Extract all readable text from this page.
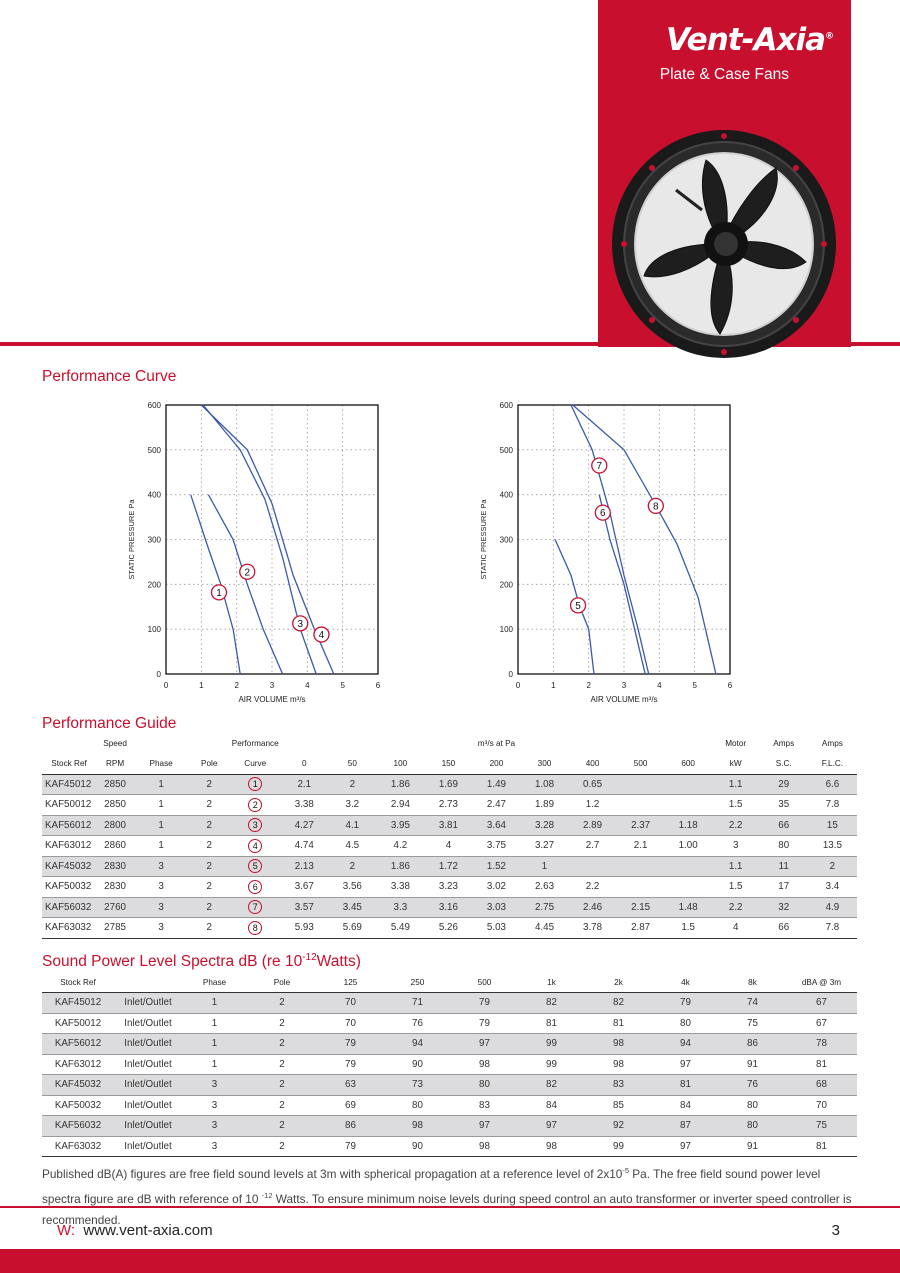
Vent-Axia®
Plate & Case Fans
Performance Curve
0	1	2	3	4	5	6
0
100
200
300
400
500
600
AIR VOLUME m³/s
STATIC PRESSURE Pa
1
2
3
4
0	1	2	3	4	5	6
0
100
200
300
400
500
600
AIR VOLUME m³/s
STATIC PRESSURE Pa
5
6
7
8
Performance Guide
	Speed			Performance					m³/s at Pa					Motor	Amps	Amps
Stock Ref	RPM	Phase	Pole	Curve	0	50	100	150	200	300	400	500	600	kW	S.C.	F.L.C.
KAF45012	2850	1	2	1	2.1	2	1.86	1.69	1.49	1.08	0.65			1.1	29	6.6
KAF50012	2850	1	2	2	3.38	3.2	2.94	2.73	2.47	1.89	1.2			1.5	35	7.8
KAF56012	2800	1	2	3	4.27	4.1	3.95	3.81	3.64	3.28	2.89	2.37	1.18	2.2	66	15
KAF63012	2860	1	2	4	4.74	4.5	4.2	4	3.75	3.27	2.7	2.1	1.00	3	80	13.5
KAF45032	2830	3	2	5	2.13	2	1.86	1.72	1.52	1				1.1	11	2
KAF50032	2830	3	2	6	3.67	3.56	3.38	3.23	3.02	2.63	2.2			1.5	17	3.4
KAF56032	2760	3	2	7	3.57	3.45	3.3	3.16	3.03	2.75	2.46	2.15	1.48	2.2	32	4.9
KAF63032	2785	3	2	8	5.93	5.69	5.49	5.26	5.03	4.45	3.78	2.87	1.5	4	66	7.8
Sound Power Level Spectra dB (re $10^{-12}Watts$)
Stock Ref		Phase	Pole	125	250	500	1k	2k	4k	8k	dBA @ 3m
KAF45012	Inlet/Outlet	1	2	70	71	79	82	82	79	74	67
KAF50012	Inlet/Outlet	1	2	70	76	79	81	81	80	75	67
KAF56012	Inlet/Outlet	1	2	79	94	97	99	98	94	86	78
KAF63012	Inlet/Outlet	1	2	79	90	98	99	98	97	91	81
KAF45032	Inlet/Outlet	3	2	63	73	80	82	83	81	76	68
KAF50032	Inlet/Outlet	3	2	69	80	83	84	85	84	80	70
KAF56032	Inlet/Outlet	3	2	86	98	97	97	92	87	80	75
KAF63032	Inlet/Outlet	3	2	79	90	98	98	99	97	91	81
Published dB(A) figures are free field sound levels at 3m with spherical propagation at a reference level of $2x10^{-5}$ Pa. The free field sound power level spectra figure are dB with reference of 10 $^{-12}$ Watts. To ensure minimum noise levels during speed control an auto transformer or inverter speed controller is recommended.
W: www.vent-axia.com	3
